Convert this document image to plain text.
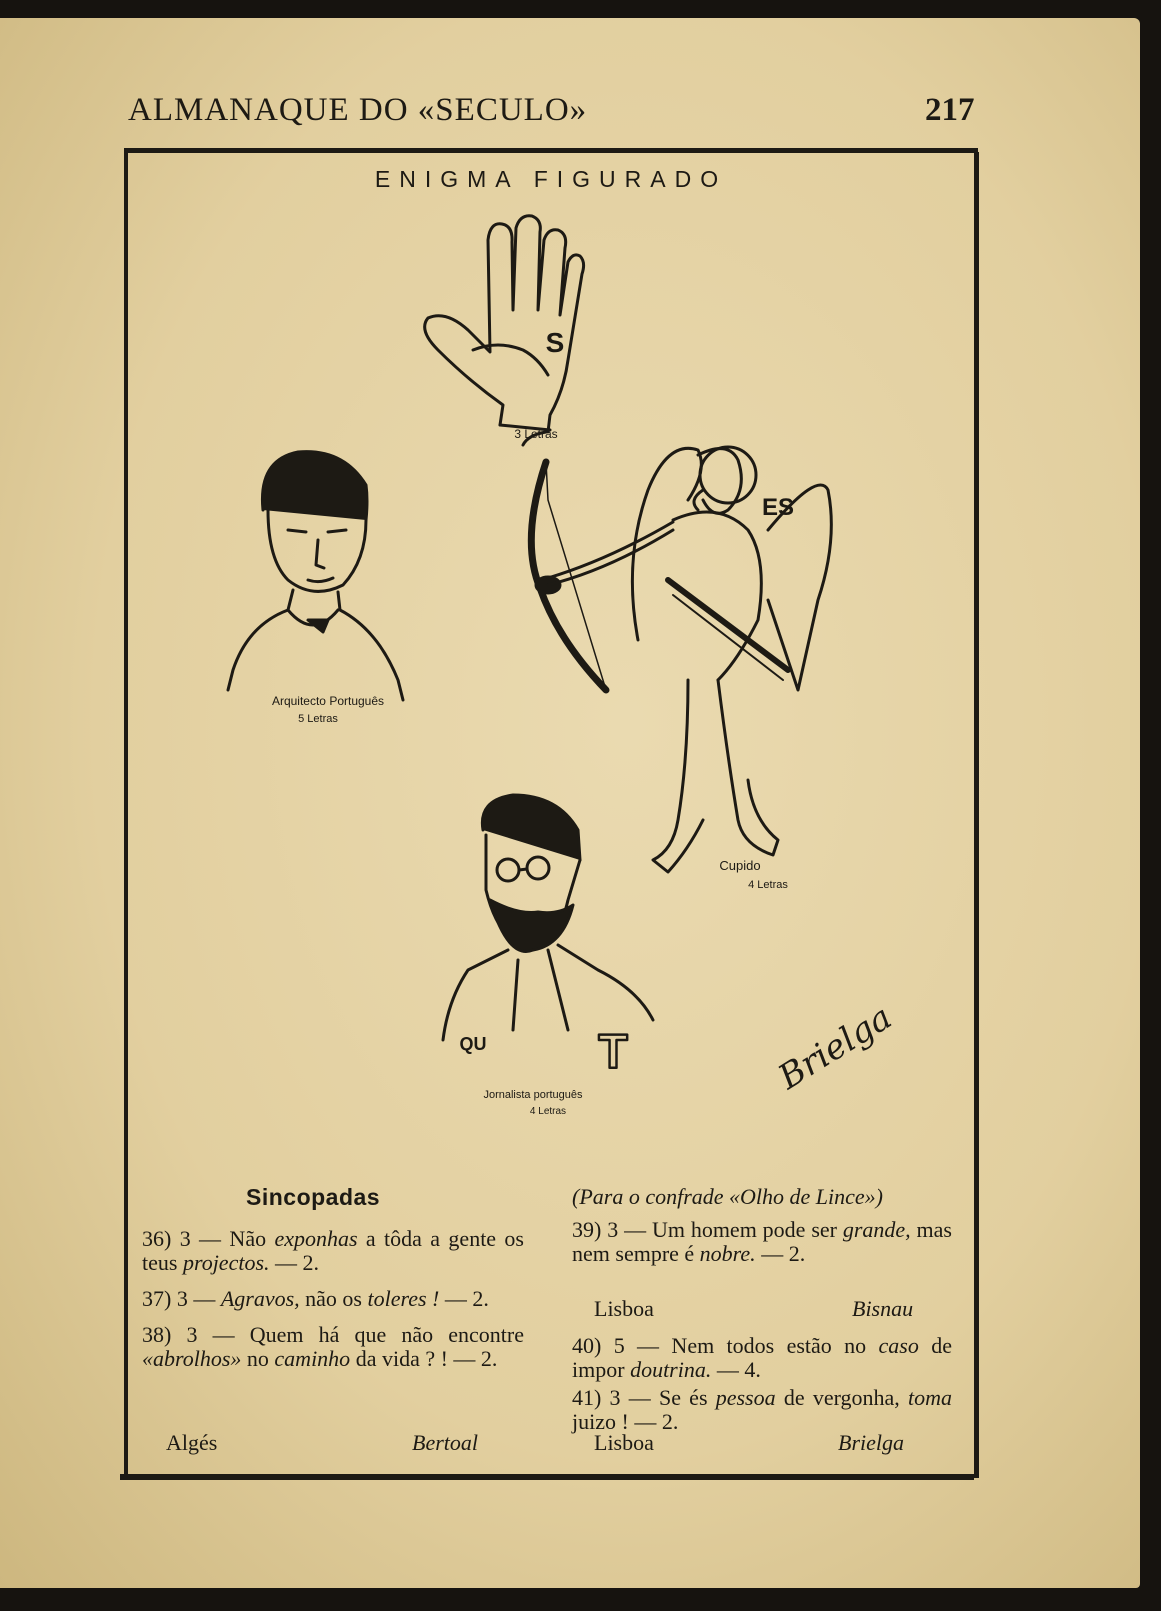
ALMANAQUE DO «SECULO»	217
ENIGMA FIGURADO
S
3 Letras
ES
Cupido
4 Letras
Arquitecto Português
5 Letras
QU T
Jornalista português
4 Letras
Brielga
Sincopadas	(Para o confrade «Olho de Lince»)

36) 3 — Não exponhas a tôda a gente os teus projectos. — 2.

37) 3 — Agravos, não os toleres ! — 2.

38) 3 — Quem há que não encontre «abrolhos» no caminho da vida ? ! — 2.

Algés	Bertoal

39) 3 — Um homem pode ser grande, mas nem sempre é nobre. — 2.

Lisboa	Bisnau

40) 5 — Nem todos estão no caso de impor doutrina. — 4.

41) 3 — Se és pessoa de vergonha, toma juizo ! — 2.

Lisboa	Brielga
